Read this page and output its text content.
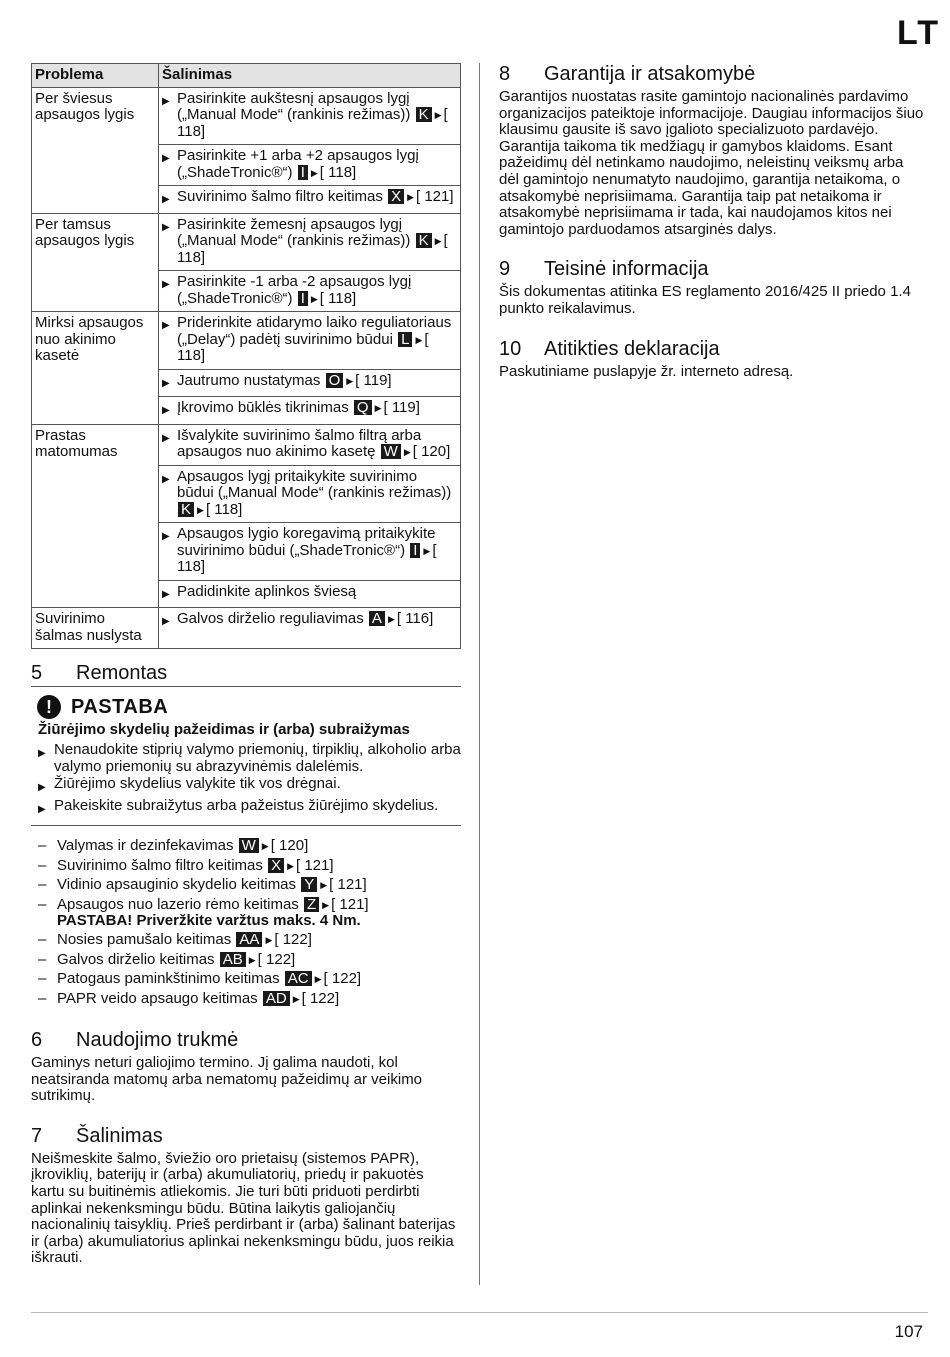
LT
Problema	Šalinimas
Per šviesus apsaugos lygis	▶ Pasirinkite aukštesnį apsaugos lygį („Manual Mode“ (rankinis režimas)) K ▶ [ 118]

	▶ Pasirinkite +1 arba +2 apsaugos lygį („ShadeTronic®“) I ▶ [ 118]

	▶ Suvirinimo šalmo filtro keitimas X ▶ [ 121]

Per tamsus apsaugos lygis	▶ Pasirinkite žemesnį apsaugos lygį („Manual Mode“ (rankinis režimas)) K ▶ [ 118]

	▶ Pasirinkite -1 arba -2 apsaugos lygį („ShadeTronic®“) I ▶ [ 118]

Mirksi apsaugos nuo akinimo kasetė	▶ Priderinkite atidarymo laiko reguliatoriaus („Delay“) padėtį suvirinimo būdui L ▶ [ 118]

	▶ Jautrumo nustatymas O ▶ [ 119]

	▶ Įkrovimo būklės tikrinimas Q ▶ [ 119]

Prastas matomumas	▶ Išvalykite suvirinimo šalmo filtrą arba apsaugos nuo akinimo kasetę W ▶ [ 120]

	▶ Apsaugos lygį pritaikykite suvirinimo būdui („Manual Mode“ (rankinis režimas)) K ▶ [ 118]

	▶ Apsaugos lygio koregavimą pritaikykite suvirinimo būdui („ShadeTronic®“) I ▶ [ 118]

	▶ Padidinkite aplinkos šviesą

Suvirinimo šalmas nuslysta	▶ Galvos dirželio reguliavimas A ▶ [ 116]
5	Remontas
! PASTABA
Žiūrėjimo skydelių pažeidimas ir (arba) subraižymas
▶ Nenaudokite stiprių valymo priemonių, tirpiklių, alkoholio arba valymo priemonių su abrazyvinėmis dalelėmis.
▶ Žiūrėjimo skydelius valykite tik vos drėgnai.
▶ Pakeiskite subraižytus arba pažeistus žiūrėjimo skydelius.
– Valymas ir dezinfekavimas W ▶ [ 120]
– Suvirinimo šalmo filtro keitimas X ▶ [ 121]
– Vidinio apsauginio skydelio keitimas Y ▶ [ 121]
– Apsaugos nuo lazerio rėmo keitimas Z ▶ [ 121]
PASTABA! Priveržkite varžtus maks. 4 Nm.
– Nosies pamušalo keitimas AA ▶ [ 122]
– Galvos dirželio keitimas AB ▶ [ 122]
– Patogaus paminkštinimo keitimas AC ▶ [ 122]
– PAPR veido apsaugo keitimas AD ▶ [ 122]
6	Naudojimo trukmė

Gaminys neturi galiojimo termino. Jį galima naudoti, kol neatsiranda matomų arba nematomų pažeidimų ar veikimo sutrikimų.

7	Šalinimas

Neišmeskite šalmo, šviežio oro prietaisų (sistemos PAPR), įkroviklių, baterijų ir (arba) akumuliatorių, priedų ir pakuotės kartu su buitinėmis atliekomis. Jie turi būti priduoti perdirbti aplinkai nekenksmingu būdu. Būtina laikytis galiojančių nacionalinių taisyklių. Prieš perdirbant ir (arba) šalinant baterijas ir (arba) akumuliatorius aplinkai nekenksmingu būdu, juos reikia iškrauti.

8	Garantija ir atsakomybė

Garantijos nuostatas rasite gamintojo nacionalinės pardavimo organizacijos pateiktoje informacijoje. Daugiau informacijos šiuo klausimu gausite iš savo įgalioto specializuoto pardavėjo. Garantija taikoma tik medžiagų ir gamybos klaidoms. Esant pažeidimų dėl netinkamo naudojimo, neleistinų veiksmų arba dėl gamintojo nenumatyto naudojimo, garantija netaikoma, o atsakomybė neprisiimama. Garantija taip pat netaikoma ir atsakomybė neprisiimama ir tada, kai naudojamos kitos nei gamintojo parduodamos atsarginės dalys.

9	Teisinė informacija

Šis dokumentas atitinka ES reglamento 2016/425 II priedo 1.4 punkto reikalavimus.

10	Atitikties deklaracija

Paskutiniame puslapyje žr. interneto adresą.

107
